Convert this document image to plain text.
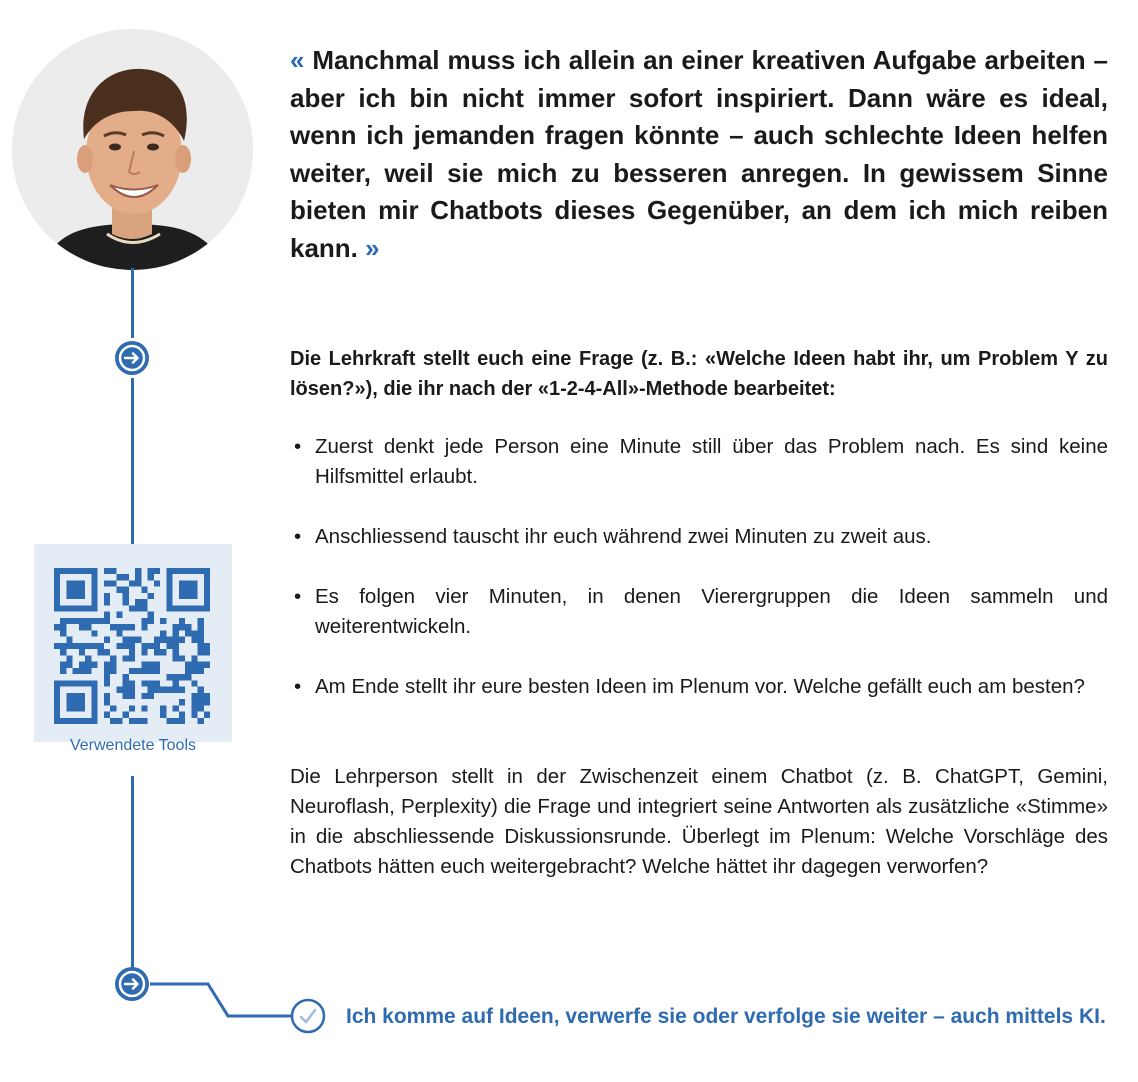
« Manchmal muss ich allein an einer kreativen Aufgabe arbeiten – aber ich bin nicht immer sofort inspiriert. Dann wäre es ideal, wenn ich jemanden fragen könnte – auch schlechte Ideen helfen weiter, weil sie mich zu besseren anregen. In gewissem Sinne bieten mir Chatbots dieses Gegenüber, an dem ich mich reiben kann. »
Verwendete Tools
Die Lehrkraft stellt euch eine Frage (z. B.: «Welche Ideen habt ihr, um Problem Y zu lösen?»), die ihr nach der «1-2-4-All»-Methode bearbeitet:
• Zuerst denkt jede Person eine Minute still über das Problem nach. Es sind keine Hilfsmittel erlaubt.
• Anschliessend tauscht ihr euch während zwei Minuten zu zweit aus.
• Es folgen vier Minuten, in denen Vierergruppen die Ideen sammeln und weiterentwickeln.
• Am Ende stellt ihr eure besten Ideen im Plenum vor. Welche gefällt euch am besten?
Die Lehrperson stellt in der Zwischenzeit einem Chatbot (z. B. ChatGPT, Gemini, Neuroflash, Perplexity) die Frage und integriert seine Antworten als zusätzliche «Stimme» in die abschliessende Diskussionsrunde. Überlegt im Plenum: Welche Vorschläge des Chatbots hätten euch weitergebracht? Welche hättet ihr dagegen verworfen?
Ich komme auf Ideen, verwerfe sie oder verfolge sie weiter – auch mittels KI.
